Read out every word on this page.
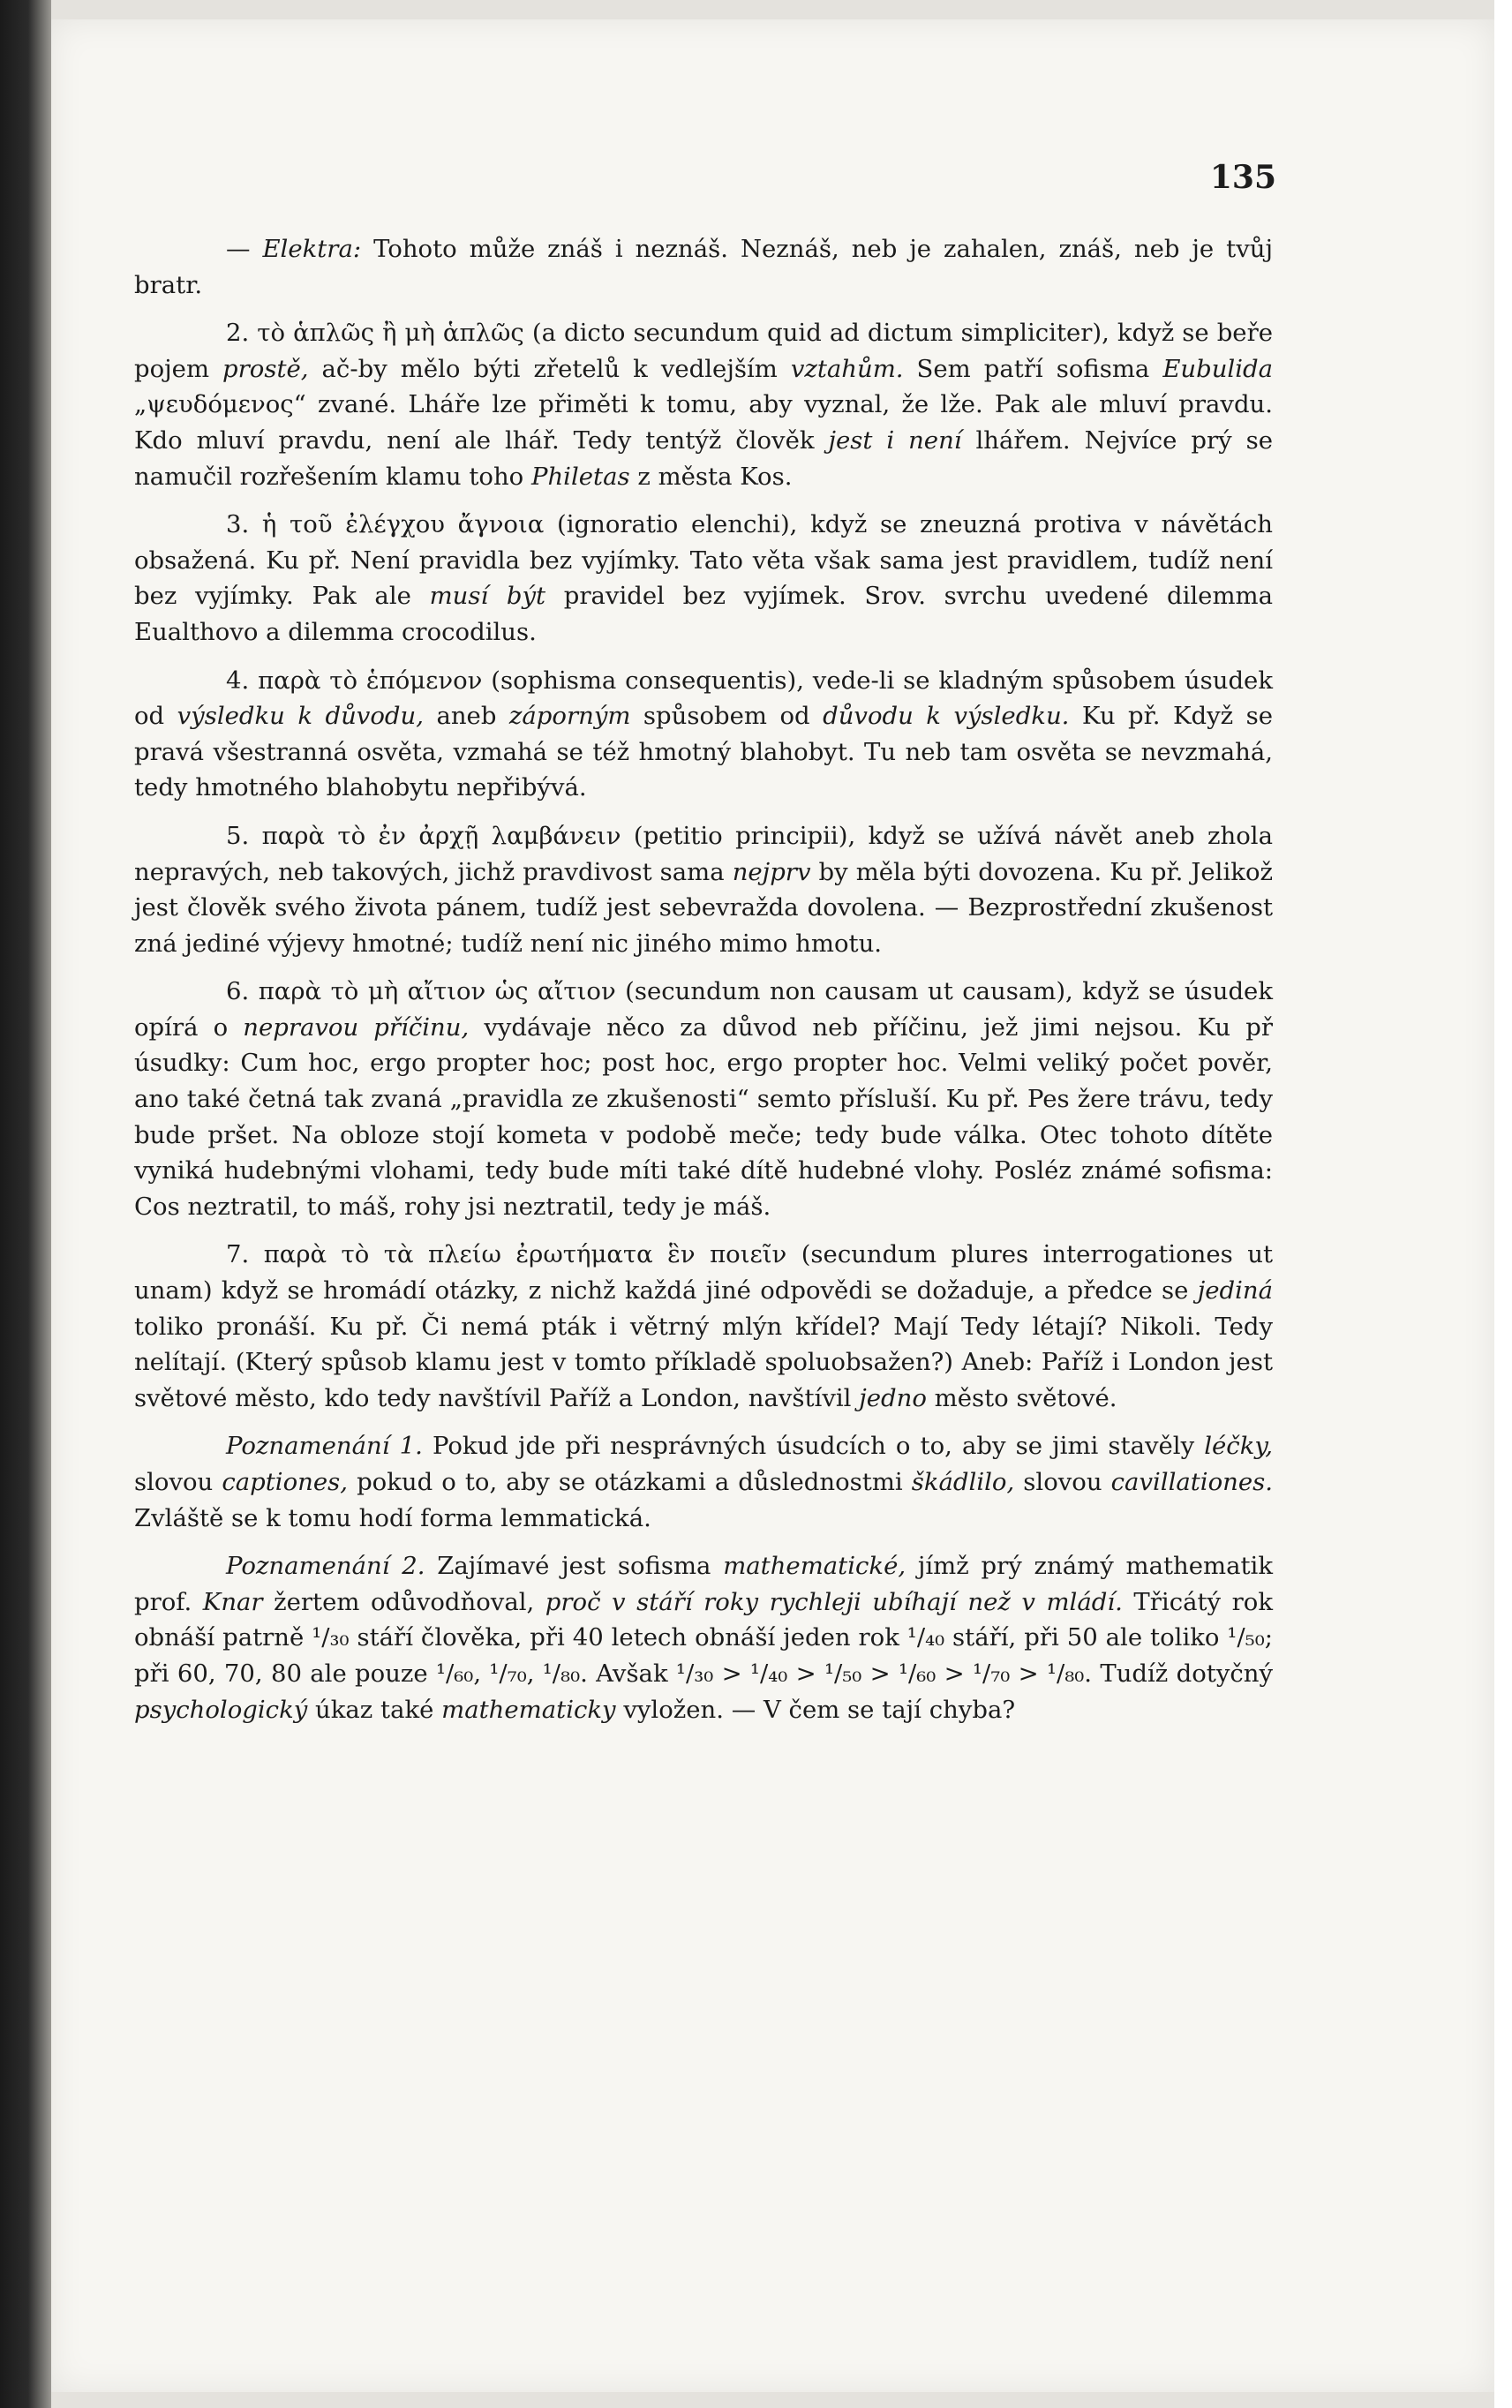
135

— Elektra: Tohoto může znáš i neznáš. Neznáš, neb je zahalen, znáš, neb je tvůj bratr.

2. τὸ ἁπλῶς ἢ μὴ ἁπλῶς (a dicto secundum quid ad dictum simpliciter), když se beře pojem prostě, ač-by mělo býti zřetelů k vedlejším vztahům. Sem patří sofisma Eubulida „ψευδόμενος“ zvané. Lháře lze přiměti k tomu, aby vyznal, že lže. Pak ale mluví pravdu. Kdo mluví pravdu, není ale lhář. Tedy tentýž člověk jest i není lhářem. Nejvíce prý se namučil rozřešením klamu toho Philetas z města Kos.

3. ἡ τοῦ ἐλέγχου ἄγνοια (ignoratio elenchi), když se zneuzná protiva v návětách obsažená. Ku př. Není pravidla bez vyjímky. Tato věta však sama jest pravidlem, tudíž není bez vyjímky. Pak ale musí být pravidel bez vyjímek. Srov. svrchu uvedené dilemma Eualthovo a dilemma crocodilus.

4. παρὰ τὸ ἑπόμενον (sophisma consequentis), vede-li se kladným spůsobem úsudek od výsledku k důvodu, aneb záporným spůsobem od důvodu k výsledku. Ku př. Když se pravá všestranná osvěta, vzmahá se též hmotný blahobyt. Tu neb tam osvěta se nevzmahá, tedy hmotného blahobytu nepřibývá.

5. παρὰ τὸ ἐν ἀρχῇ λαμβάνειν (petitio principii), když se užívá návět aneb zhola nepravých, neb takových, jichž pravdivost sama nejprv by měla býti dovozena. Ku př. Jelikož jest člověk svého života pánem, tudíž jest sebevražda dovolena. — Bezprostřední zkušenost zná jediné výjevy hmotné; tudíž není nic jiného mimo hmotu.

6. παρὰ τὸ μὴ αἴτιον ὡς αἴτιον (secundum non causam ut causam), když se úsudek opírá o nepravou příčinu, vydávaje něco za důvod neb příčinu, jež jimi nejsou. Ku př úsudky: Cum hoc, ergo propter hoc; post hoc, ergo propter hoc. Velmi veliký počet pověr, ano také četná tak zvaná „pravidla ze zkušenosti“ semto přísluší. Ku př. Pes žere trávu, tedy bude pršet. Na obloze stojí kometa v podobě meče; tedy bude válka. Otec tohoto dítěte vyniká hudebnými vlohami, tedy bude míti také dítě hudebné vlohy. Posléz známé sofisma: Cos neztratil, to máš, rohy jsi neztratil, tedy je máš.

7. παρὰ τὸ τὰ πλείω ἐρωτήματα ἓν ποιεῖν (secundum plures interrogationes ut unam) když se hromádí otázky, z nichž každá jiné odpovědi se dožaduje, a předce se jediná toliko pronáší. Ku př. Či nemá pták i větrný mlýn křídel? Mají Tedy létají? Nikoli. Tedy nelítají. (Který spůsob klamu jest v tomto příkladě spoluobsažen?) Aneb: Paříž i London jest světové město, kdo tedy navštívil Paříž a London, navštívil jedno město světové.

Poznamenání 1. Pokud jde při nesprávných úsudcích o to, aby se jimi stavěly léčky, slovou captiones, pokud o to, aby se otázkami a důslednostmi škádlilo, slovou cavillationes. Zvláště se k tomu hodí forma lemmatická.

Poznamenání 2. Zajímavé jest sofisma mathematické, jímž prý známý mathematik prof. Knar žertem odůvodňoval, proč v stáří roky rychleji ubíhají než v mládí. Třicátý rok obnáší patrně ¹/₃₀ stáří člověka, při 40 letech obnáší jeden rok ¹/₄₀ stáří, při 50 ale toliko ¹/₅₀; při 60, 70, 80 ale pouze ¹/₆₀, ¹/₇₀, ¹/₈₀. Avšak ¹/₃₀ > ¹/₄₀ > ¹/₅₀ > ¹/₆₀ > ¹/₇₀ > ¹/₈₀. Tudíž dotyčný psychologický úkaz také mathematicky vyložen. — V čem se tají chyba?
